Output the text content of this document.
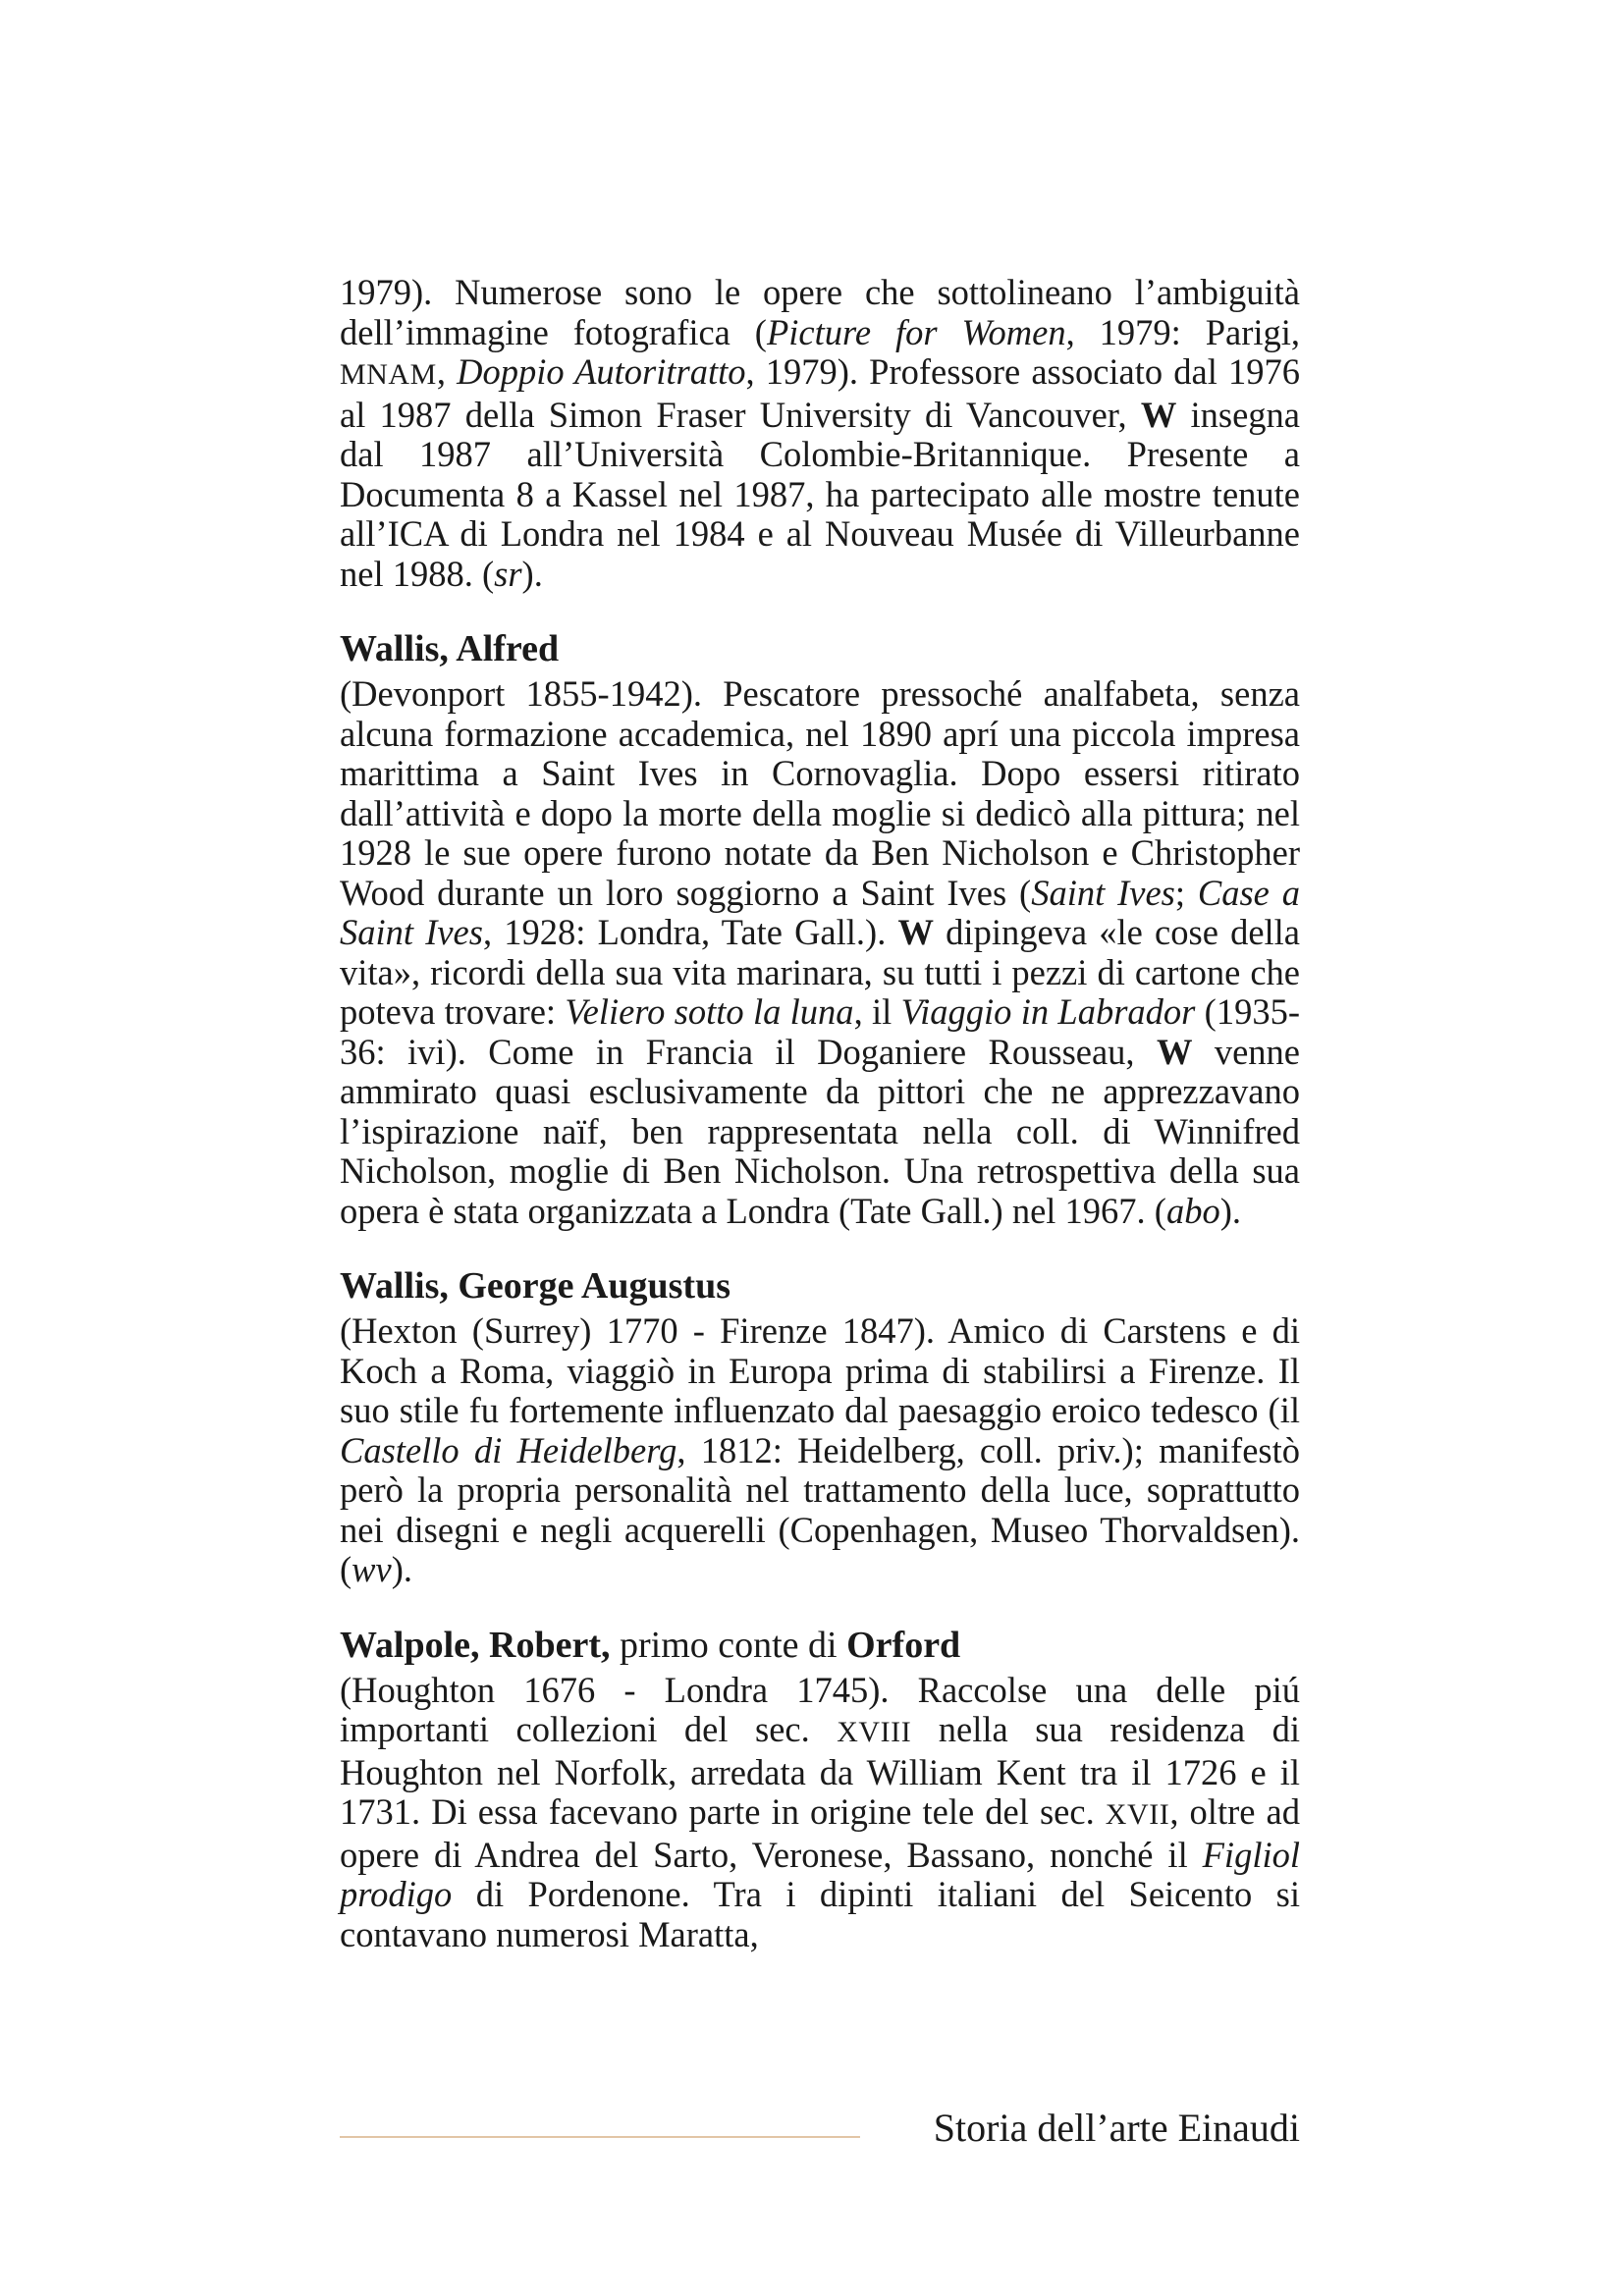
1979). Numerose sono le opere che sottolineano l’ambiguità dell’immagine fotografica (Picture for Women, 1979: Parigi, MNAM, Doppio Autoritratto, 1979). Professore associato dal 1976 al 1987 della Simon Fraser University di Vancouver, W insegna dal 1987 all’Università Colombie-Britannique. Presente a Documenta 8 a Kassel nel 1987, ha partecipato alle mostre tenute all’ICA di Londra nel 1984 e al Nouveau Musée di Villeurbanne nel 1988. (sr).

Wallis, Alfred

(Devonport 1855-1942). Pescatore pressoché analfabeta, senza alcuna formazione accademica, nel 1890 aprí una piccola impresa marittima a Saint Ives in Cornovaglia. Dopo essersi ritirato dall’attività e dopo la morte della moglie si dedicò alla pittura; nel 1928 le sue opere furono notate da Ben Nicholson e Christopher Wood durante un loro soggiorno a Saint Ives (Saint Ives; Case a Saint Ives, 1928: Londra, Tate Gall.). W dipingeva «le cose della vita», ricordi della sua vita marinara, su tutti i pezzi di cartone che poteva trovare: Veliero sotto la luna, il Viaggio in Labrador (1935-36: ivi). Come in Francia il Doganiere Rousseau, W venne ammirato quasi esclusivamente da pittori che ne apprezzavano l’ispirazione naïf, ben rappresentata nella coll. di Winnifred Nicholson, moglie di Ben Nicholson. Una retrospettiva della sua opera è stata organizzata a Londra (Tate Gall.) nel 1967. (abo).

Wallis, George Augustus

(Hexton (Surrey) 1770 - Firenze 1847). Amico di Carstens e di Koch a Roma, viaggiò in Europa prima di stabilirsi a Firenze. Il suo stile fu fortemente influenzato dal paesaggio eroico tedesco (il Castello di Heidelberg, 1812: Heidelberg, coll. priv.); manifestò però la propria personalità nel trattamento della luce, soprattutto nei disegni e negli acquerelli (Copenhagen, Museo Thorvaldsen). (wv).

Walpole, Robert, primo conte di Orford

(Houghton 1676 - Londra 1745). Raccolse una delle piú importanti collezioni del sec. XVIII nella sua residenza di Houghton nel Norfolk, arredata da William Kent tra il 1726 e il 1731. Di essa facevano parte in origine tele del sec. XVII, oltre ad opere di Andrea del Sarto, Veronese, Bassano, nonché il Figliol prodigo di Pordenone. Tra i dipinti italiani del Seicento si contavano numerosi Maratta,

Storia dell’arte Einaudi
